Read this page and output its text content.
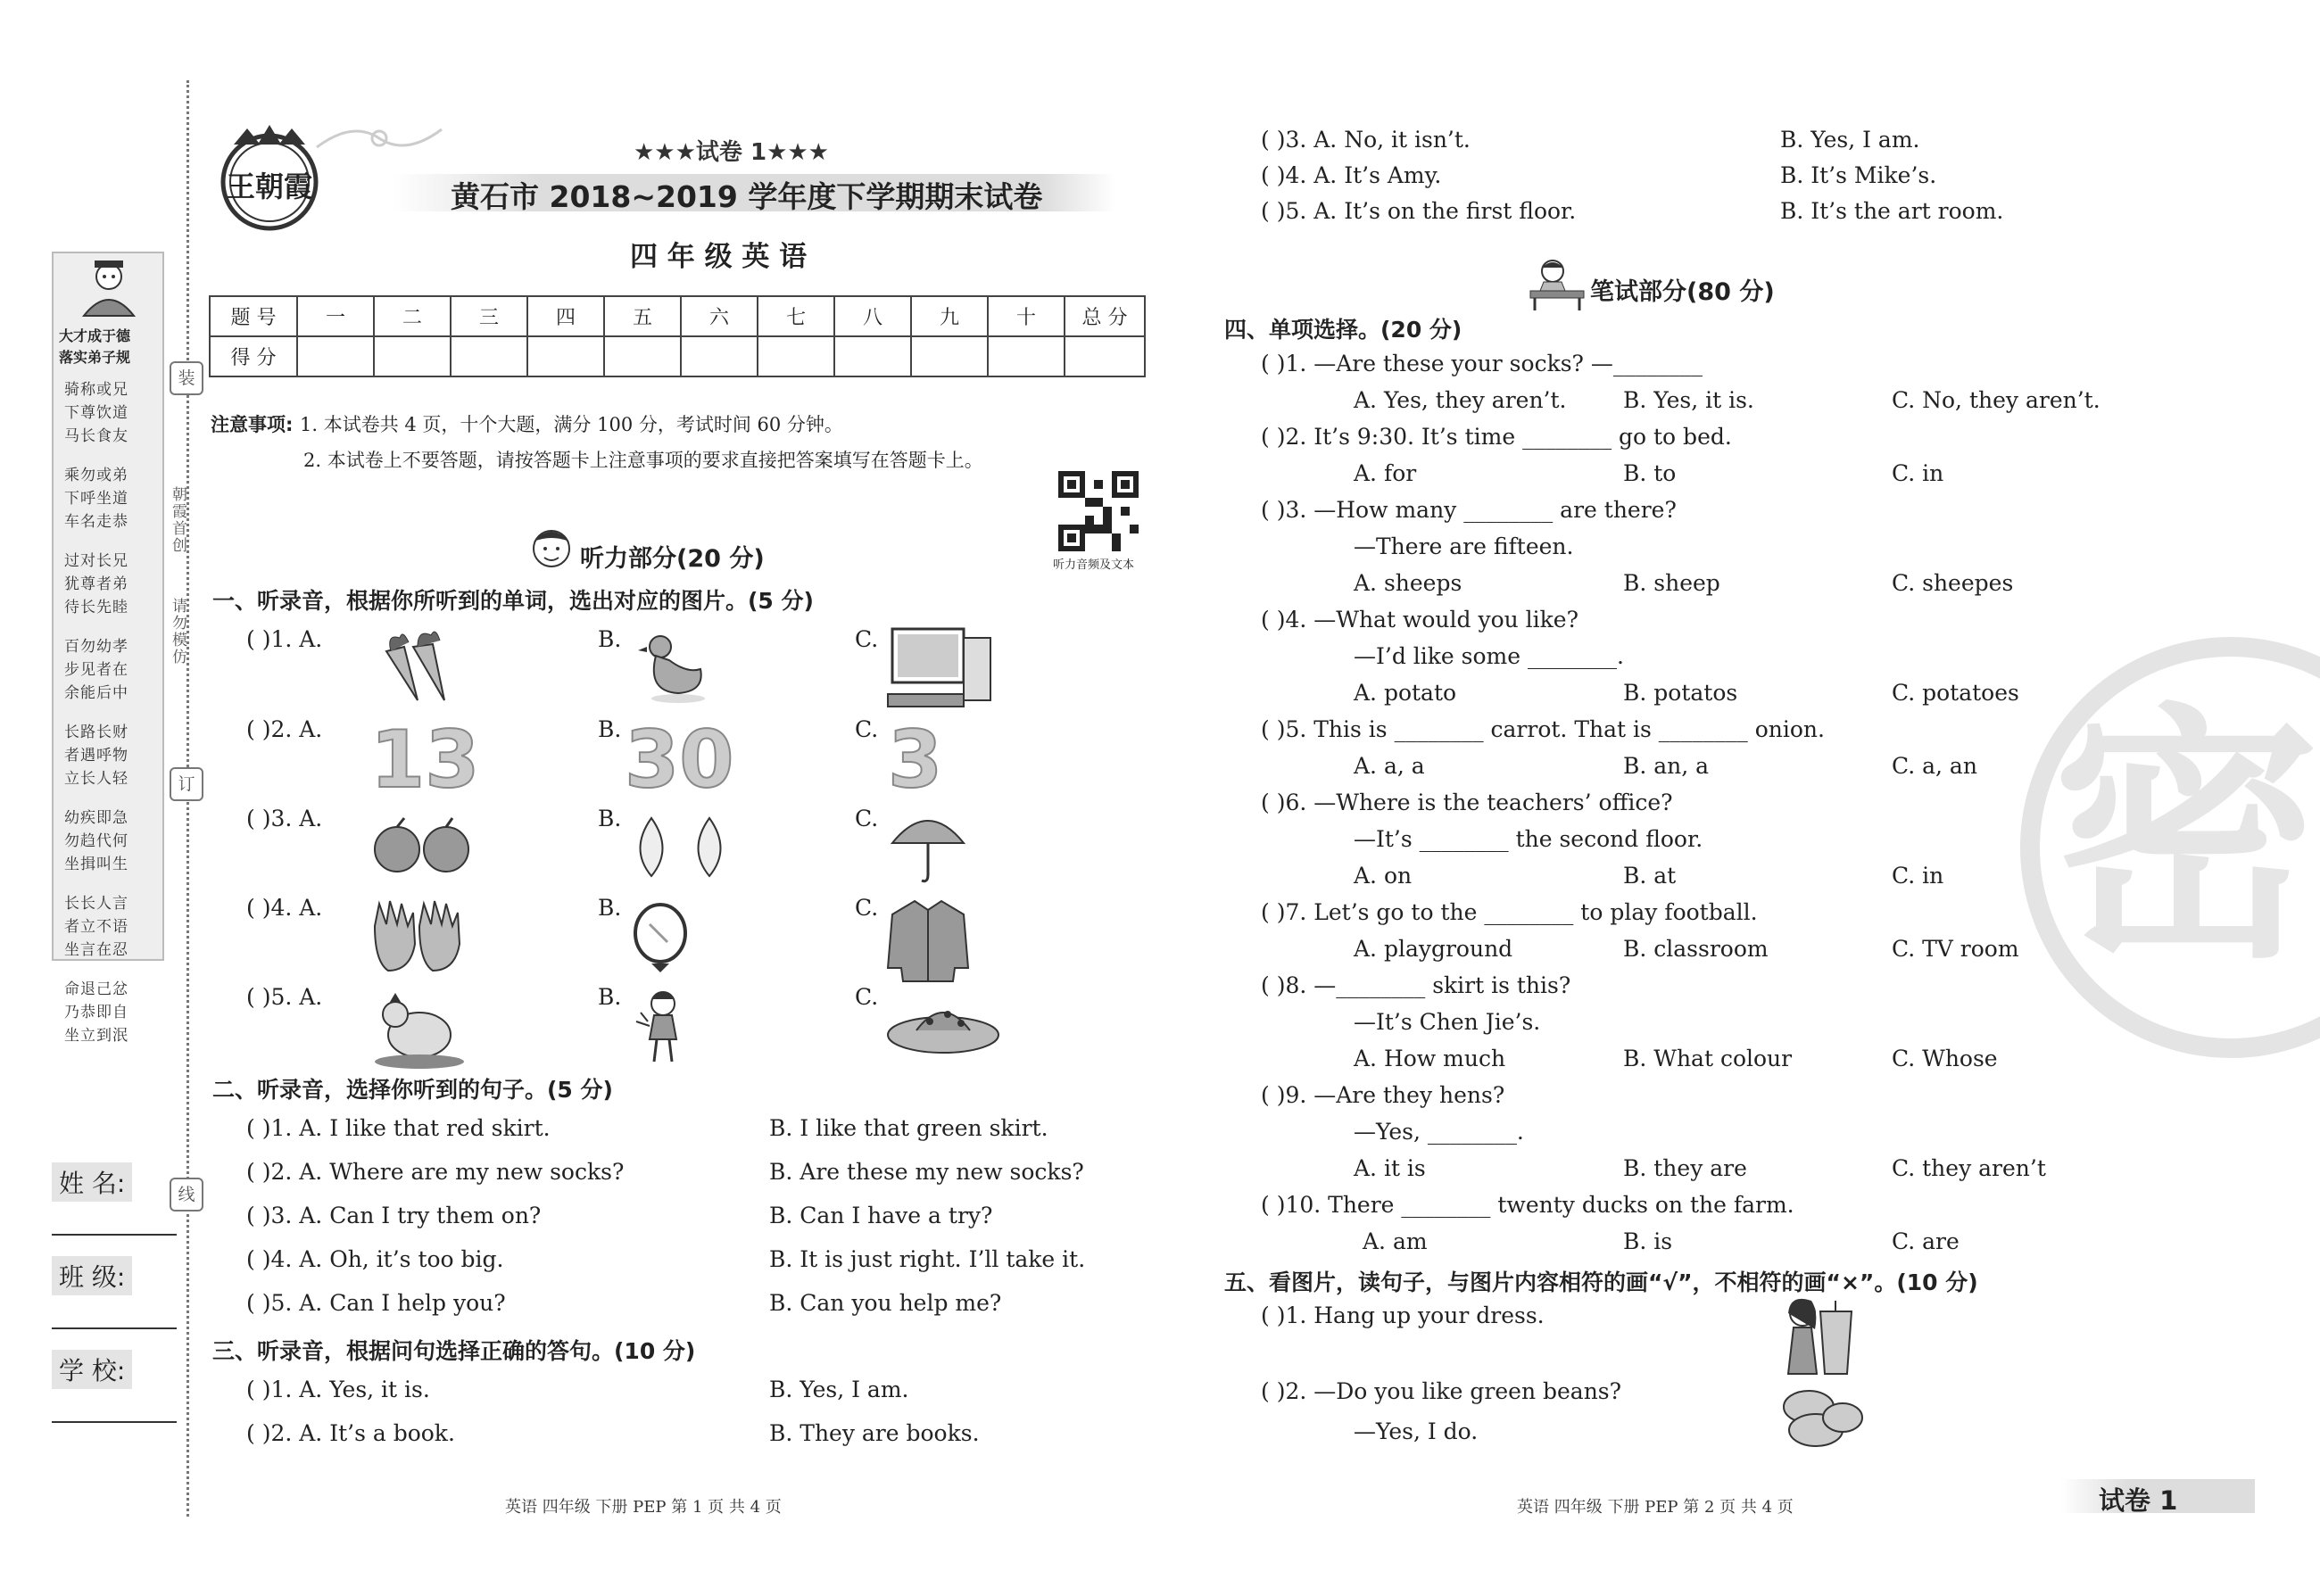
装
订
线
朝霞首创
请勿模仿
大才成于德
落实弟子规
骑称或兄
下尊饮道
马长食友
乘勿或弟
下呼坐道
车名走恭
过对长兄
犹尊者弟
待长先睦
百勿幼孝
步见者在
余能后中
长路长财
者遇呼物
立长人轻
幼疾即急
勿趋代何
坐揖叫生
长长人言
者立不语
坐言在忍
命退己忿
乃恭即自
坐立到泯
姓 名:
班 级:
学 校:
王朝霞
★★★试卷 1★★★
黄石市 2018~2019 学年度下学期期末试卷
四 年 级 英 语
题 号	一	二	三	四	五	六	七	八	九	十	总 分
得 分											
注意事项: 1. 本试卷共 4 页，十个大题，满分 100 分，考试时间 60 分钟。
2. 本试卷上不要答题，请按答题卡上注意事项的要求直接把答案填写在答题卡上。
听力音频及文本
听力部分(20 分)
一、听录音，根据你所听到的单词，选出对应的图片。(5 分)
( )1. A.	B.	C.
( )2. A.	B.	C.
13 30 3
( )3. A.	B.	C.
( )4. A.	B.	C.
( )5. A.	B.	C.
二、听录音，选择你听到的句子。(5 分)
( )1. A. I like that red skirt.	B. I like that green skirt.
( )2. A. Where are my new socks?	B. Are these my new socks?
( )3. A. Can I try them on?	B. Can I have a try?
( )4. A. Oh, it’s too big.	B. It is just right. I’ll take it.
( )5. A. Can I help you?	B. Can you help me?
三、听录音，根据问句选择正确的答句。(10 分)
( )1. A. Yes, it is.	B. Yes, I am.
( )2. A. It’s a book.	B. They are books.
英语 四年级 下册 PEP 第 1 页 共 4 页
( )3. A. No, it isn’t.	B. Yes, I am.
( )4. A. It’s Amy.	B. It’s Mike’s.
( )5. A. It’s on the first floor.	B. It’s the art room.
笔试部分(80 分)
四、单项选择。(20 分)
( )1. —Are these your socks? —________
A. Yes, they aren’t.	B. Yes, it is.	C. No, they aren’t.
( )2. It’s 9:30. It’s time ________ go to bed.
A. for	B. to	C. in
( )3. —How many ________ are there?
—There are fifteen.
A. sheeps	B. sheep	C. sheepes
( )4. —What would you like?
—I’d like some ________.
A. potato	B. potatos	C. potatoes
( )5. This is ________ carrot. That is ________ onion.
A. a, a	B. an, a	C. a, an
( )6. —Where is the teachers’ office?
—It’s ________ the second floor.
A. on	B. at	C. in
( )7. Let’s go to the ________ to play football.
A. playground	B. classroom	C. TV room
( )8. —________ skirt is this?
—It’s Chen Jie’s.
A. How much	B. What colour	C. Whose
( )9. —Are they hens?
—Yes, ________.
A. it is	B. they are	C. they aren’t
( )10. There ________ twenty ducks on the farm.
A. am	B. is	C. are
五、看图片，读句子，与图片内容相符的画“√”，不相符的画“×”。(10 分)
( )1. Hang up your dress.
( )2. —Do you like green beans?
—Yes, I do.
密
英语 四年级 下册 PEP 第 2 页 共 4 页	试卷 1
